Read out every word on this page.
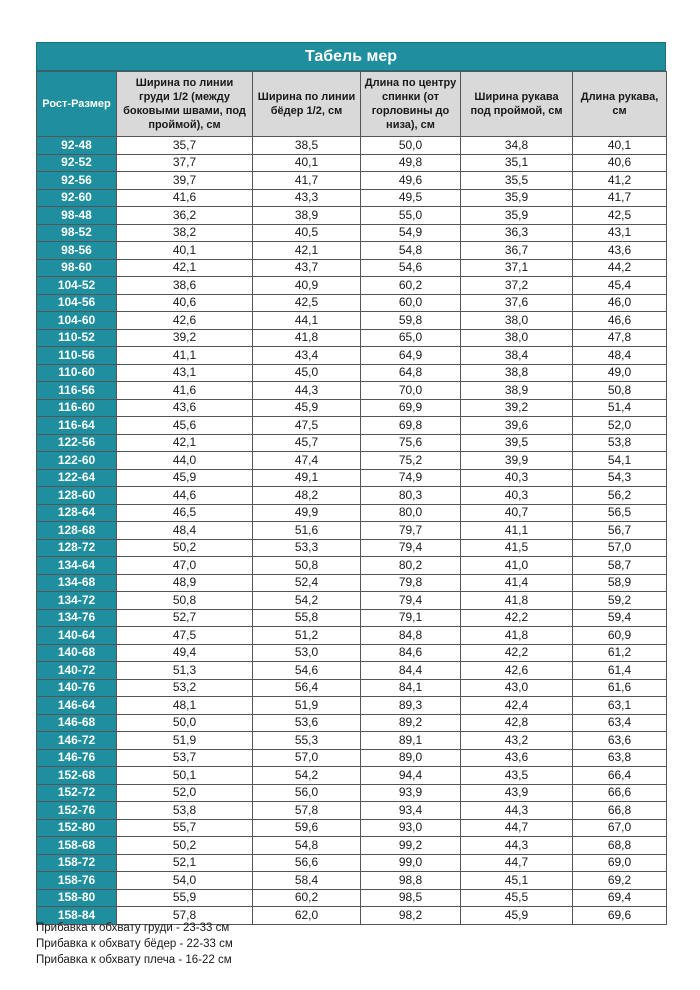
Табель мер
Рост-Размер	Ширина по линии груди 1/2 (между боковыми швами, под проймой), см	Ширина по линии бёдер 1/2, см	Длина по центру спинки (от горловины до низа), см	Ширина рукава под проймой, см	Длина рукава, см
92-48	35,7	38,5	50,0	34,8	40,1
92-52	37,7	40,1	49,8	35,1	40,6
92-56	39,7	41,7	49,6	35,5	41,2
92-60	41,6	43,3	49,5	35,9	41,7
98-48	36,2	38,9	55,0	35,9	42,5
98-52	38,2	40,5	54,9	36,3	43,1
98-56	40,1	42,1	54,8	36,7	43,6
98-60	42,1	43,7	54,6	37,1	44,2
104-52	38,6	40,9	60,2	37,2	45,4
104-56	40,6	42,5	60,0	37,6	46,0
104-60	42,6	44,1	59,8	38,0	46,6
110-52	39,2	41,8	65,0	38,0	47,8
110-56	41,1	43,4	64,9	38,4	48,4
110-60	43,1	45,0	64,8	38,8	49,0
116-56	41,6	44,3	70,0	38,9	50,8
116-60	43,6	45,9	69,9	39,2	51,4
116-64	45,6	47,5	69,8	39,6	52,0
122-56	42,1	45,7	75,6	39,5	53,8
122-60	44,0	47,4	75,2	39,9	54,1
122-64	45,9	49,1	74,9	40,3	54,3
128-60	44,6	48,2	80,3	40,3	56,2
128-64	46,5	49,9	80,0	40,7	56,5
128-68	48,4	51,6	79,7	41,1	56,7
128-72	50,2	53,3	79,4	41,5	57,0
134-64	47,0	50,8	80,2	41,0	58,7
134-68	48,9	52,4	79,8	41,4	58,9
134-72	50,8	54,2	79,4	41,8	59,2
134-76	52,7	55,8	79,1	42,2	59,4
140-64	47,5	51,2	84,8	41,8	60,9
140-68	49,4	53,0	84,6	42,2	61,2
140-72	51,3	54,6	84,4	42,6	61,4
140-76	53,2	56,4	84,1	43,0	61,6
146-64	48,1	51,9	89,3	42,4	63,1
146-68	50,0	53,6	89,2	42,8	63,4
146-72	51,9	55,3	89,1	43,2	63,6
146-76	53,7	57,0	89,0	43,6	63,8
152-68	50,1	54,2	94,4	43,5	66,4
152-72	52,0	56,0	93,9	43,9	66,6
152-76	53,8	57,8	93,4	44,3	66,8
152-80	55,7	59,6	93,0	44,7	67,0
158-68	50,2	54,8	99,2	44,3	68,8
158-72	52,1	56,6	99,0	44,7	69,0
158-76	54,0	58,4	98,8	45,1	69,2
158-80	55,9	60,2	98,5	45,5	69,4
158-84	57,8	62,0	98,2	45,9	69,6
Прибавка к обхвату груди - 23-33 см
Прибавка к обхвату бёдер - 22-33 см
Прибавка к обхвату плеча - 16-22 см
